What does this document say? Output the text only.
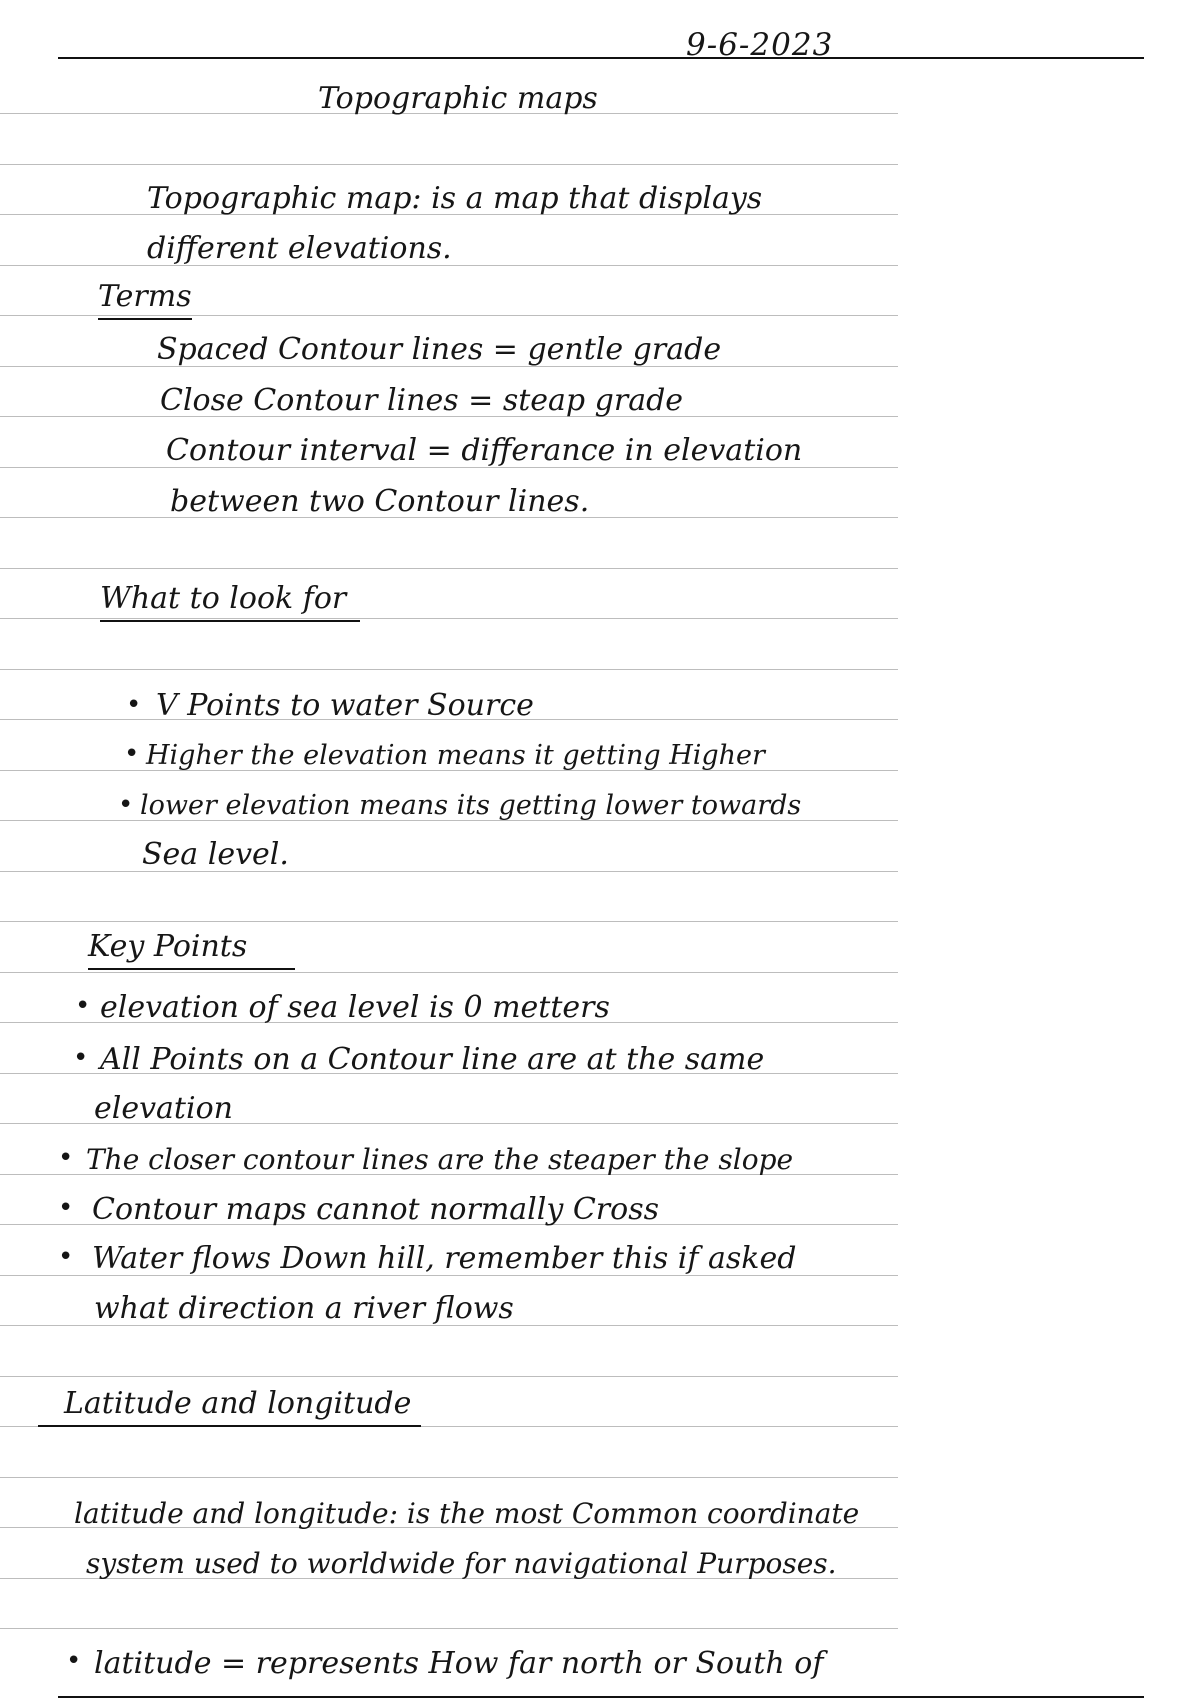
9-6-2023
Topographic maps
Topographic map: is a map that displays
different elevations.
Terms
Spaced Contour lines = gentle grade
Close Contour lines = steap grade
Contour interval = differance in elevation
between two Contour lines.
What to look for
• V Points to water Source
• Higher the elevation means it getting Higher
• lower elevation means its getting lower towards
Sea level.
Key Points
• elevation of sea level is 0 metters
• All Points on a Contour line are at the same
elevation
• The closer contour lines are the steaper the slope
• Contour maps cannot normally Cross
• Water flows Down hill, remember this if asked
what direction a river flows
Latitude and longitude
latitude and longitude: is the most Common coordinate
system used to worldwide for navigational Purposes.
• latitude = represents How far north or South of
